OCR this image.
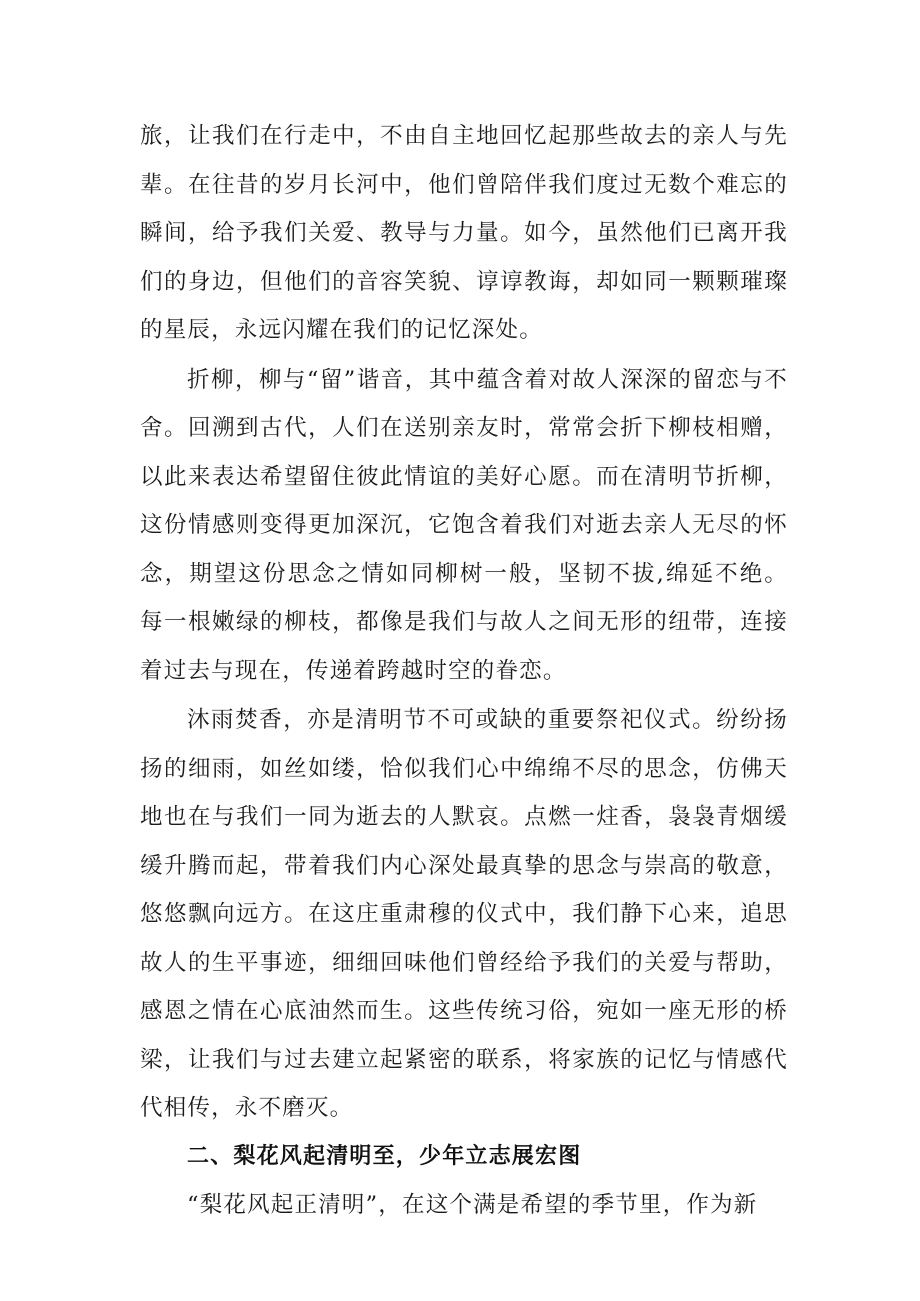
旅，让我们在行走中，不由自主地回忆起那些故去的亲人与先辈。在往昔的岁月长河中，他们曾陪伴我们度过无数个难忘的瞬间，给予我们关爱、教导与力量。如今，虽然他们已离开我们的身边，但他们的音容笑貌、谆谆教诲，却如同一颗颗璀璨的星辰，永远闪耀在我们的记忆深处。

折柳，柳与“留”谐音，其中蕴含着对故人深深的留恋与不舍。回溯到古代，人们在送别亲友时，常常会折下柳枝相赠，以此来表达希望留住彼此情谊的美好心愿。而在清明节折柳，这份情感则变得更加深沉，它饱含着我们对逝去亲人无尽的怀念，期望这份思念之情如同柳树一般，坚韧不拔,绵延不绝。每一根嫩绿的柳枝，都像是我们与故人之间无形的纽带，连接着过去与现在，传递着跨越时空的眷恋。

沐雨焚香，亦是清明节不可或缺的重要祭祀仪式。纷纷扬扬的细雨，如丝如缕，恰似我们心中绵绵不尽的思念，仿佛天地也在与我们一同为逝去的人默哀。点燃一炷香，袅袅青烟缓缓升腾而起，带着我们内心深处最真挚的思念与崇高的敬意，悠悠飘向远方。在这庄重肃穆的仪式中，我们静下心来，追思故人的生平事迹，细细回味他们曾经给予我们的关爱与帮助，感恩之情在心底油然而生。这些传统习俗，宛如一座无形的桥梁，让我们与过去建立起紧密的联系，将家族的记忆与情感代代相传，永不磨灭。

二、梨花风起清明至，少年立志展宏图

“梨花风起正清明”，在这个满是希望的季节里，作为新
